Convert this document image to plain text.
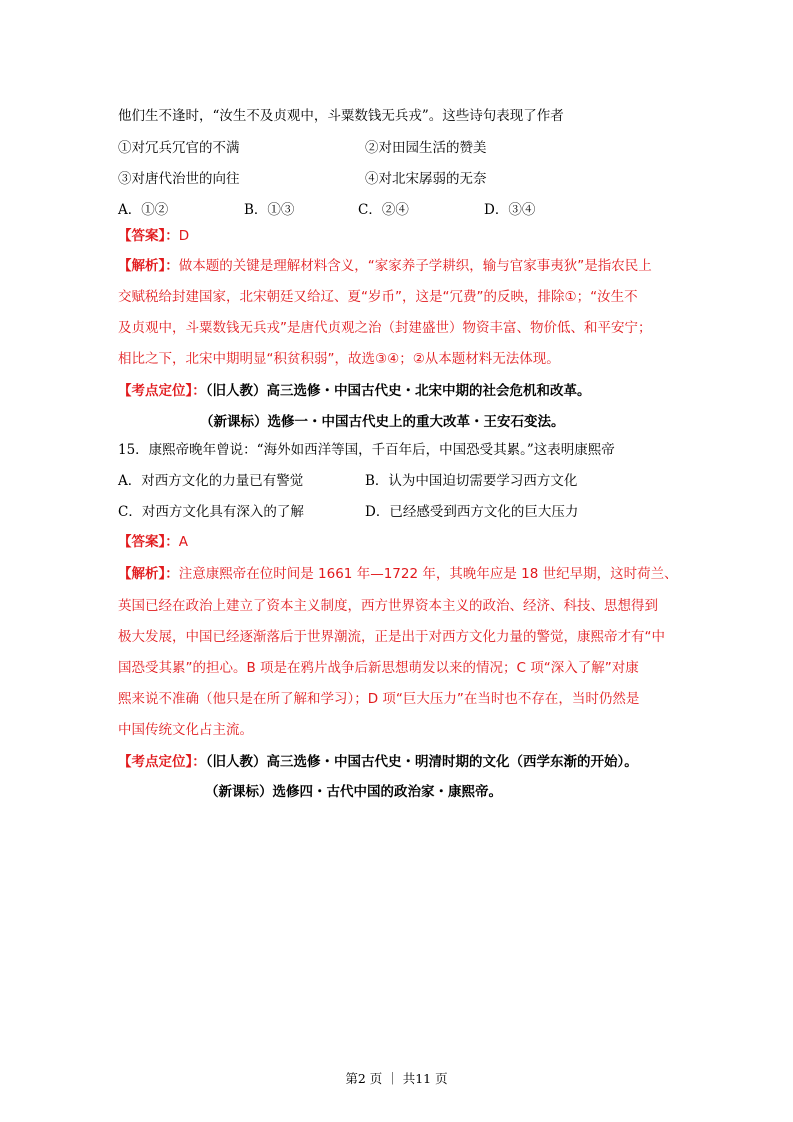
他们生不逢时，“汝生不及贞观中，斗粟数钱无兵戎”。这些诗句表现了作者
①对冗兵冗官的不满	②对田园生活的赞美
③对唐代治世的向往	④对北宋孱弱的无奈
A．①②	B．①③	C．②④	D．③④
【答案】：D
【解析】：做本题的关键是理解材料含义，“家家养子学耕织，输与官家事夷狄”是指农民上
交赋税给封建国家，北宋朝廷又给辽、夏“岁币”，这是“冗费”的反映，排除①；“汝生不
及贞观中，斗粟数钱无兵戎”是唐代贞观之治（封建盛世）物资丰富、物价低、和平安宁；
相比之下，北宋中期明显“积贫积弱”，故选③④；②从本题材料无法体现。
【考点定位】：（旧人教）高三选修・中国古代史・北宋中期的社会危机和改革。
（新课标）选修一・中国古代史上的重大改革・王安石变法。
15．康熙帝晚年曾说：“海外如西洋等国，千百年后，中国恐受其累。”这表明康熙帝
A．对西方文化的力量已有警觉	B．认为中国迫切需要学习西方文化
C．对西方文化具有深入的了解	D．已经感受到西方文化的巨大压力
【答案】：A
【解析】：注意康熙帝在位时间是 1661 年—1722 年，其晚年应是 18 世纪早期，这时荷兰、
英国已经在政治上建立了资本主义制度，西方世界资本主义的政治、经济、科技、思想得到
极大发展，中国已经逐渐落后于世界潮流，正是出于对西方文化力量的警觉，康熙帝才有“中
国恐受其累”的担心。B 项是在鸦片战争后新思想萌发以来的情况；C 项“深入了解”对康
熙来说不准确（他只是在所了解和学习）；D 项“巨大压力”在当时也不存在，当时仍然是
中国传统文化占主流。
【考点定位】：（旧人教）高三选修・中国古代史・明清时期的文化（西学东渐的开始）。
（新课标）选修四・古代中国的政治家・康熙帝。
第2 页 ｜ 共11 页
